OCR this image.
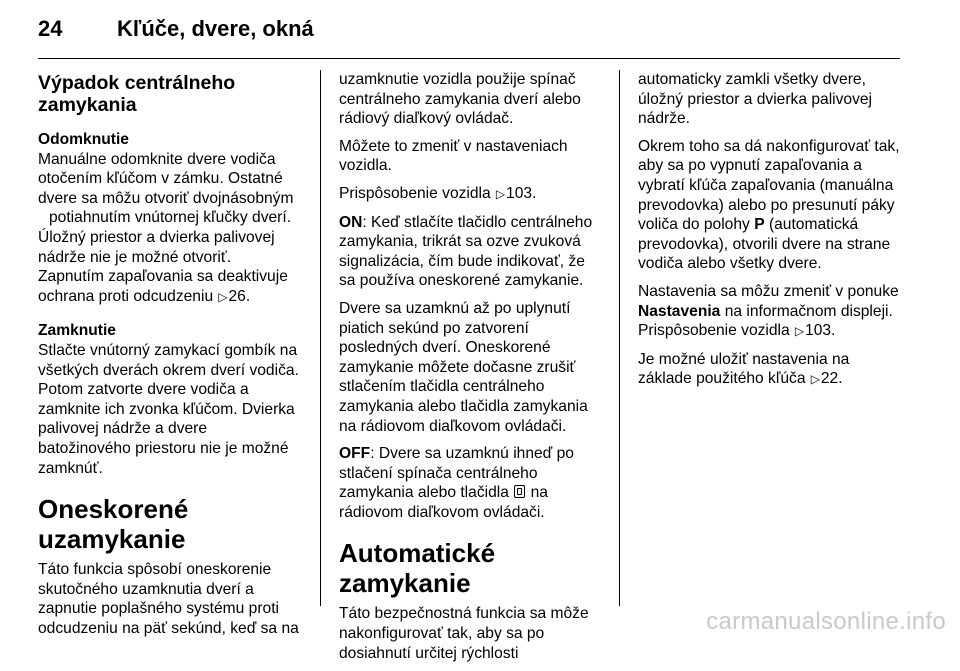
24 Kľúče, dvere, okná
Výpadok centrálneho
zamykania

Odomknutie

Manuálne odomknite dvere vodiča
otočením kľúčom v zámku. Ostatné
dvere sa môžu otvoriť dvojnásobným
potiahnutím vnútornej kľučky dverí.
Úložný priestor a dvierka palivovej
nádrže nie je možné otvoriť.
Zapnutím zapaľovania sa deaktivuje
ochrana proti odcudzeniu ▷26.

Zamknutie

Stlačte vnútorný zamykací gombík na
všetkých dverách okrem dverí vodiča.
Potom zatvorte dvere vodiča a
zamknite ich zvonka kľúčom. Dvierka
palivovej nádrže a dvere
batožinového priestoru nie je možné
zamknúť.

Oneskorené uzamykanie

Táto funkcia spôsobí oneskorenie
skutočného uzamknutia dverí a
zapnutie poplašného systému proti
odcudzeniu na päť sekúnd, keď sa na

uzamknutie vozidla použije spínač
centrálneho zamykania dverí alebo
rádiový diaľkový ovládač.

Môžete to zmeniť v nastaveniach
vozidla.

Prispôsobenie vozidla ▷103.

ON: Keď stlačíte tlačidlo centrálneho
zamykania, trikrát sa ozve zvuková
signalizácia, čím bude indikovať, že
sa používa oneskorené zamykanie.

Dvere sa uzamknú až po uplynutí
piatich sekúnd po zatvorení
posledných dverí. Oneskorené
zamykanie môžete dočasne zrušiť
stlačením tlačidla centrálneho
zamykania alebo tlačidla zamykania
na rádiovom diaľkovom ovládači.

OFF: Dvere sa uzamknú ihneď po
stlačení spínača centrálneho
zamykania alebo tlačidla na
rádiovom diaľkovom ovládači.

Automatické zamykanie

Táto bezpečnostná funkcia sa môže
nakonfigurovať tak, aby sa po
dosiahnutí určitej rýchlosti

automaticky zamkli všetky dvere,
úložný priestor a dvierka palivovej
nádrže.

Okrem toho sa dá nakonfigurovať tak,
aby sa po vypnutí zapaľovania a
vybratí kľúča zapaľovania (manuálna
prevodovka) alebo po presunutí páky
voliča do polohy P (automatická
prevodovka), otvorili dvere na strane
vodiča alebo všetky dvere.

Nastavenia sa môžu zmeniť v ponuke
Nastavenia na informačnom displeji.
Prispôsobenie vozidla ▷103.

Je možné uložiť nastavenia na
základe použitého kľúča ▷22.

carmanualsonline.info
